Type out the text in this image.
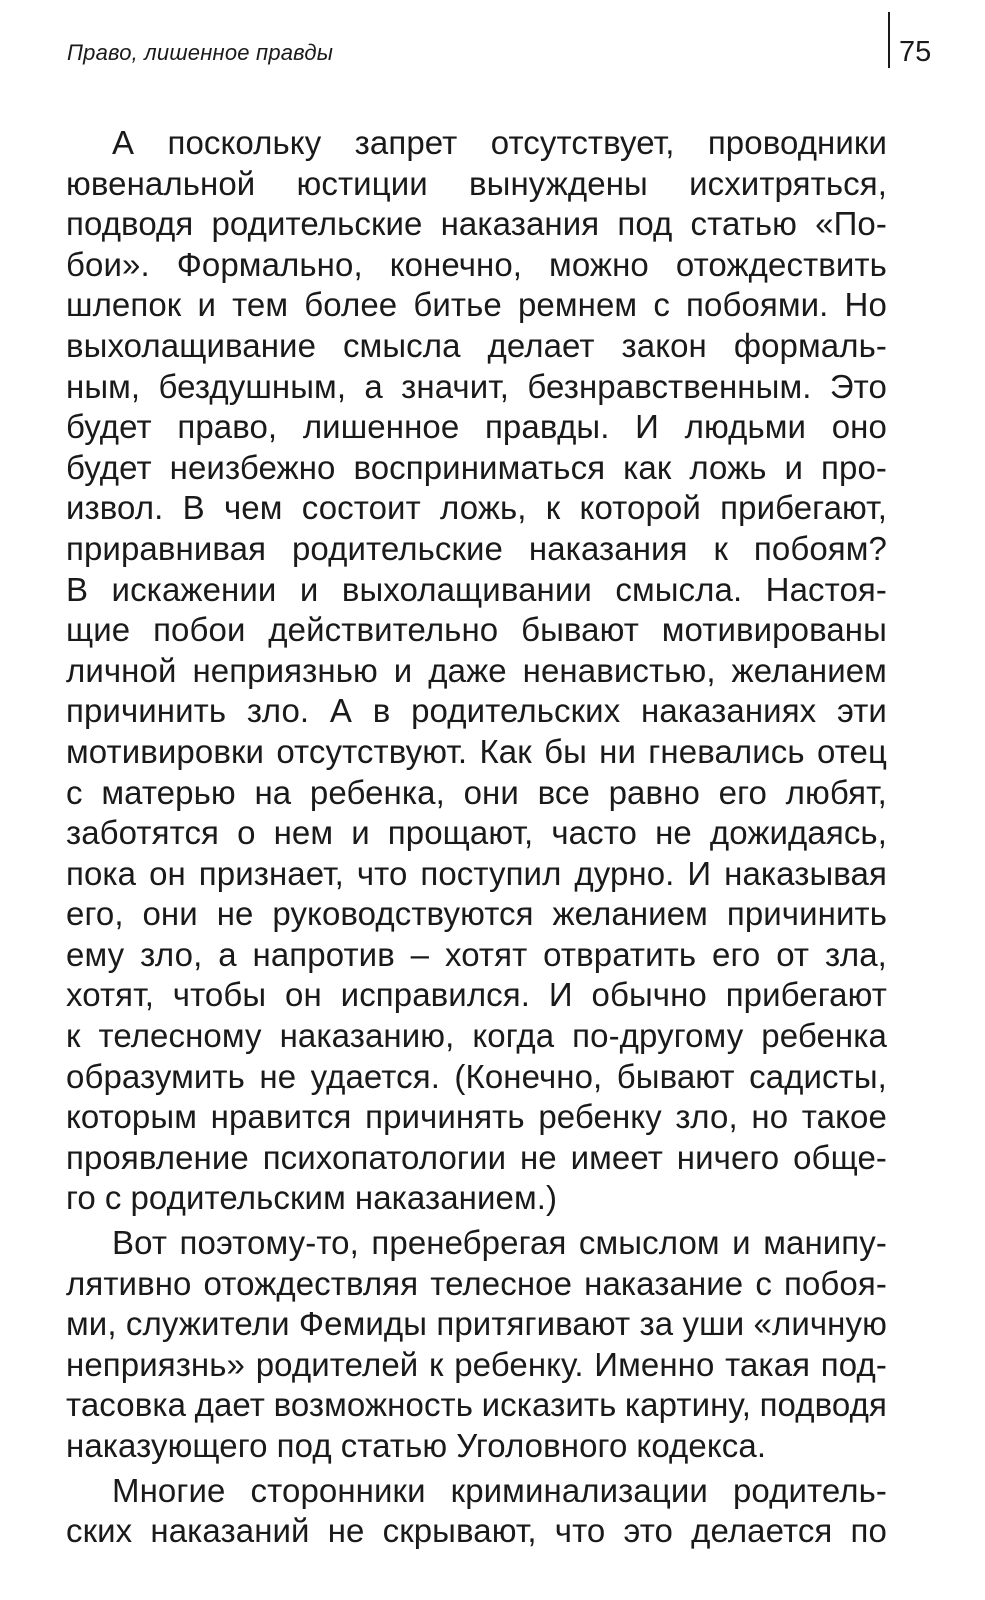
Право, лишенное правды	75
А поскольку запрет отсутствует, проводники
ювенальной юстиции вынуждены исхитряться,
подводя родительские наказания под статью «По-
бои». Формально, конечно, можно отождествить
шлепок и тем более битье ремнем с побоями. Но
выхолащивание смысла делает закон формаль-
ным, бездушным, а значит, безнравственным. Это
будет право, лишенное правды. И людьми оно
будет неизбежно восприниматься как ложь и про-
извол. В чем состоит ложь, к которой прибегают,
приравнивая родительские наказания к побоям?
В искажении и выхолащивании смысла. Настоя-
щие побои действительно бывают мотивированы
личной неприязнью и даже ненавистью, желанием
причинить зло. А в родительских наказаниях эти
мотивировки отсутствуют. Как бы ни гневались отец
с матерью на ребенка, они все равно его любят,
заботятся о нем и прощают, часто не дожидаясь,
пока он признает, что поступил дурно. И наказывая
его, они не руководствуются желанием причинить
ему зло, а напротив – хотят отвратить его от зла,
хотят, чтобы он исправился. И обычно прибегают
к телесному наказанию, когда по-другому ребенка
образумить не удается. (Конечно, бывают садисты,
которым нравится причинять ребенку зло, но такое
проявление психопатологии не имеет ничего обще-
го с родительским наказанием.)
Вот поэтому-то, пренебрегая смыслом и манипу-
лятивно отождествляя телесное наказание с побоя-
ми, служители Фемиды притягивают за уши «личную
неприязнь» родителей к ребенку. Именно такая под-
тасовка дает возможность исказить картину, подводя
наказующего под статью Уголовного кодекса.
Многие сторонники криминализации родитель-
ских наказаний не скрывают, что это делается по
